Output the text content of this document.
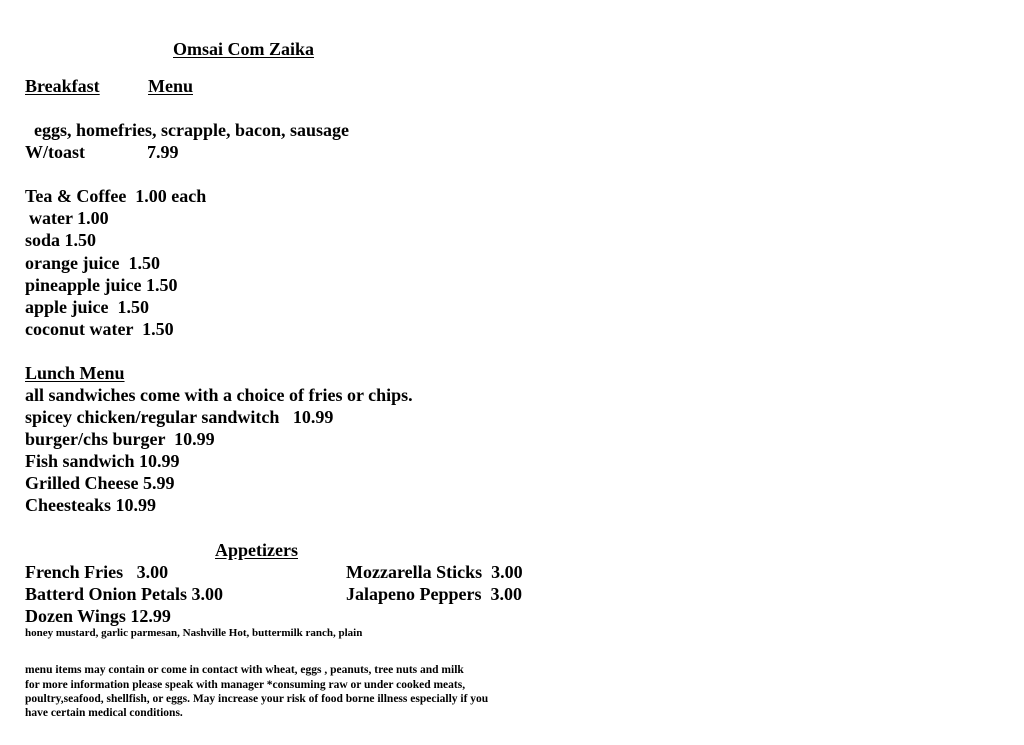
Omsai Com Zaika
Breakfast	Menu
eggs, homefries, scrapple, bacon, sausage
W/toast	7.99
Tea & Coffee  1.00 each
water 1.00
soda 1.50
orange juice  1.50
pineapple juice 1.50
apple juice  1.50
coconut water  1.50
Lunch Menu
all sandwiches come with a choice of fries or chips.
spicey chicken/regular sandwitch   10.99
burger/chs burger  10.99
Fish sandwich 10.99
Grilled Cheese 5.99
Cheesteaks 10.99
Appetizers
French Fries   3.00
Batterd Onion Petals 3.00
Dozen Wings 12.99
Mozzarella Sticks  3.00
Jalapeno Peppers  3.00
honey mustard, garlic parmesan, Nashville Hot, buttermilk ranch, plain
menu items may contain or come in contact with wheat, eggs , peanuts, tree nuts and milk
for more information please speak with manager *consuming raw or under cooked meats,
poultry,seafood, shellfish, or eggs. May increase your risk of food borne illness especially if you
have certain medical conditions.
